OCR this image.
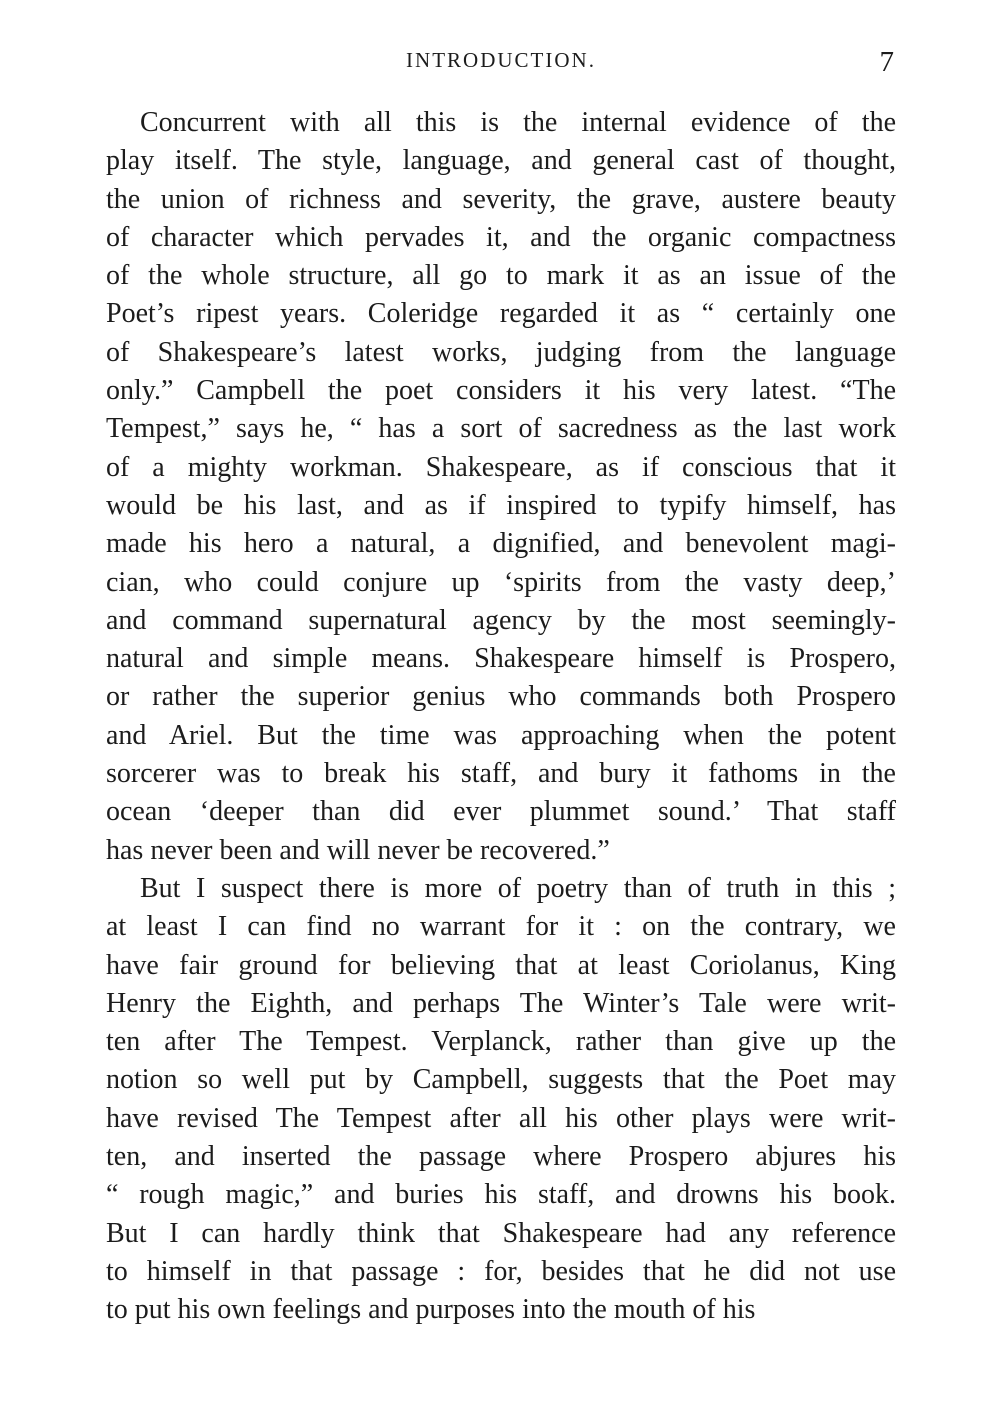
INTRODUCTION.	7
Concurrent with all this is the internal evidence of the
play itself. The style, language, and general cast of thought,
the union of richness and severity, the grave, austere beauty
of character which pervades it, and the organic compactness
of the whole structure, all go to mark it as an issue of the
Poet’s ripest years. Coleridge regarded it as “ certainly one
of Shakespeare’s latest works, judging from the language
only.” Campbell the poet considers it his very latest. “The
Tempest,” says he, “ has a sort of sacredness as the last work
of a mighty workman. Shakespeare, as if conscious that it
would be his last, and as if inspired to typify himself, has
made his hero a natural, a dignified, and benevolent magi-
cian, who could conjure up ‘spirits from the vasty deep,’
and command supernatural agency by the most seemingly-
natural and simple means. Shakespeare himself is Prospero,
or rather the superior genius who commands both Prospero
and Ariel. But the time was approaching when the potent
sorcerer was to break his staff, and bury it fathoms in the
ocean ‘deeper than did ever plummet sound.’ That staff
has never been and will never be recovered.”
But I suspect there is more of poetry than of truth in this ;
at least I can find no warrant for it : on the contrary, we
have fair ground for believing that at least Coriolanus, King
Henry the Eighth, and perhaps The Winter’s Tale were writ-
ten after The Tempest. Verplanck, rather than give up the
notion so well put by Campbell, suggests that the Poet may
have revised The Tempest after all his other plays were writ-
ten, and inserted the passage where Prospero abjures his
“ rough magic,” and buries his staff, and drowns his book.
But I can hardly think that Shakespeare had any reference
to himself in that passage : for, besides that he did not use
to put his own feelings and purposes into the mouth of his
